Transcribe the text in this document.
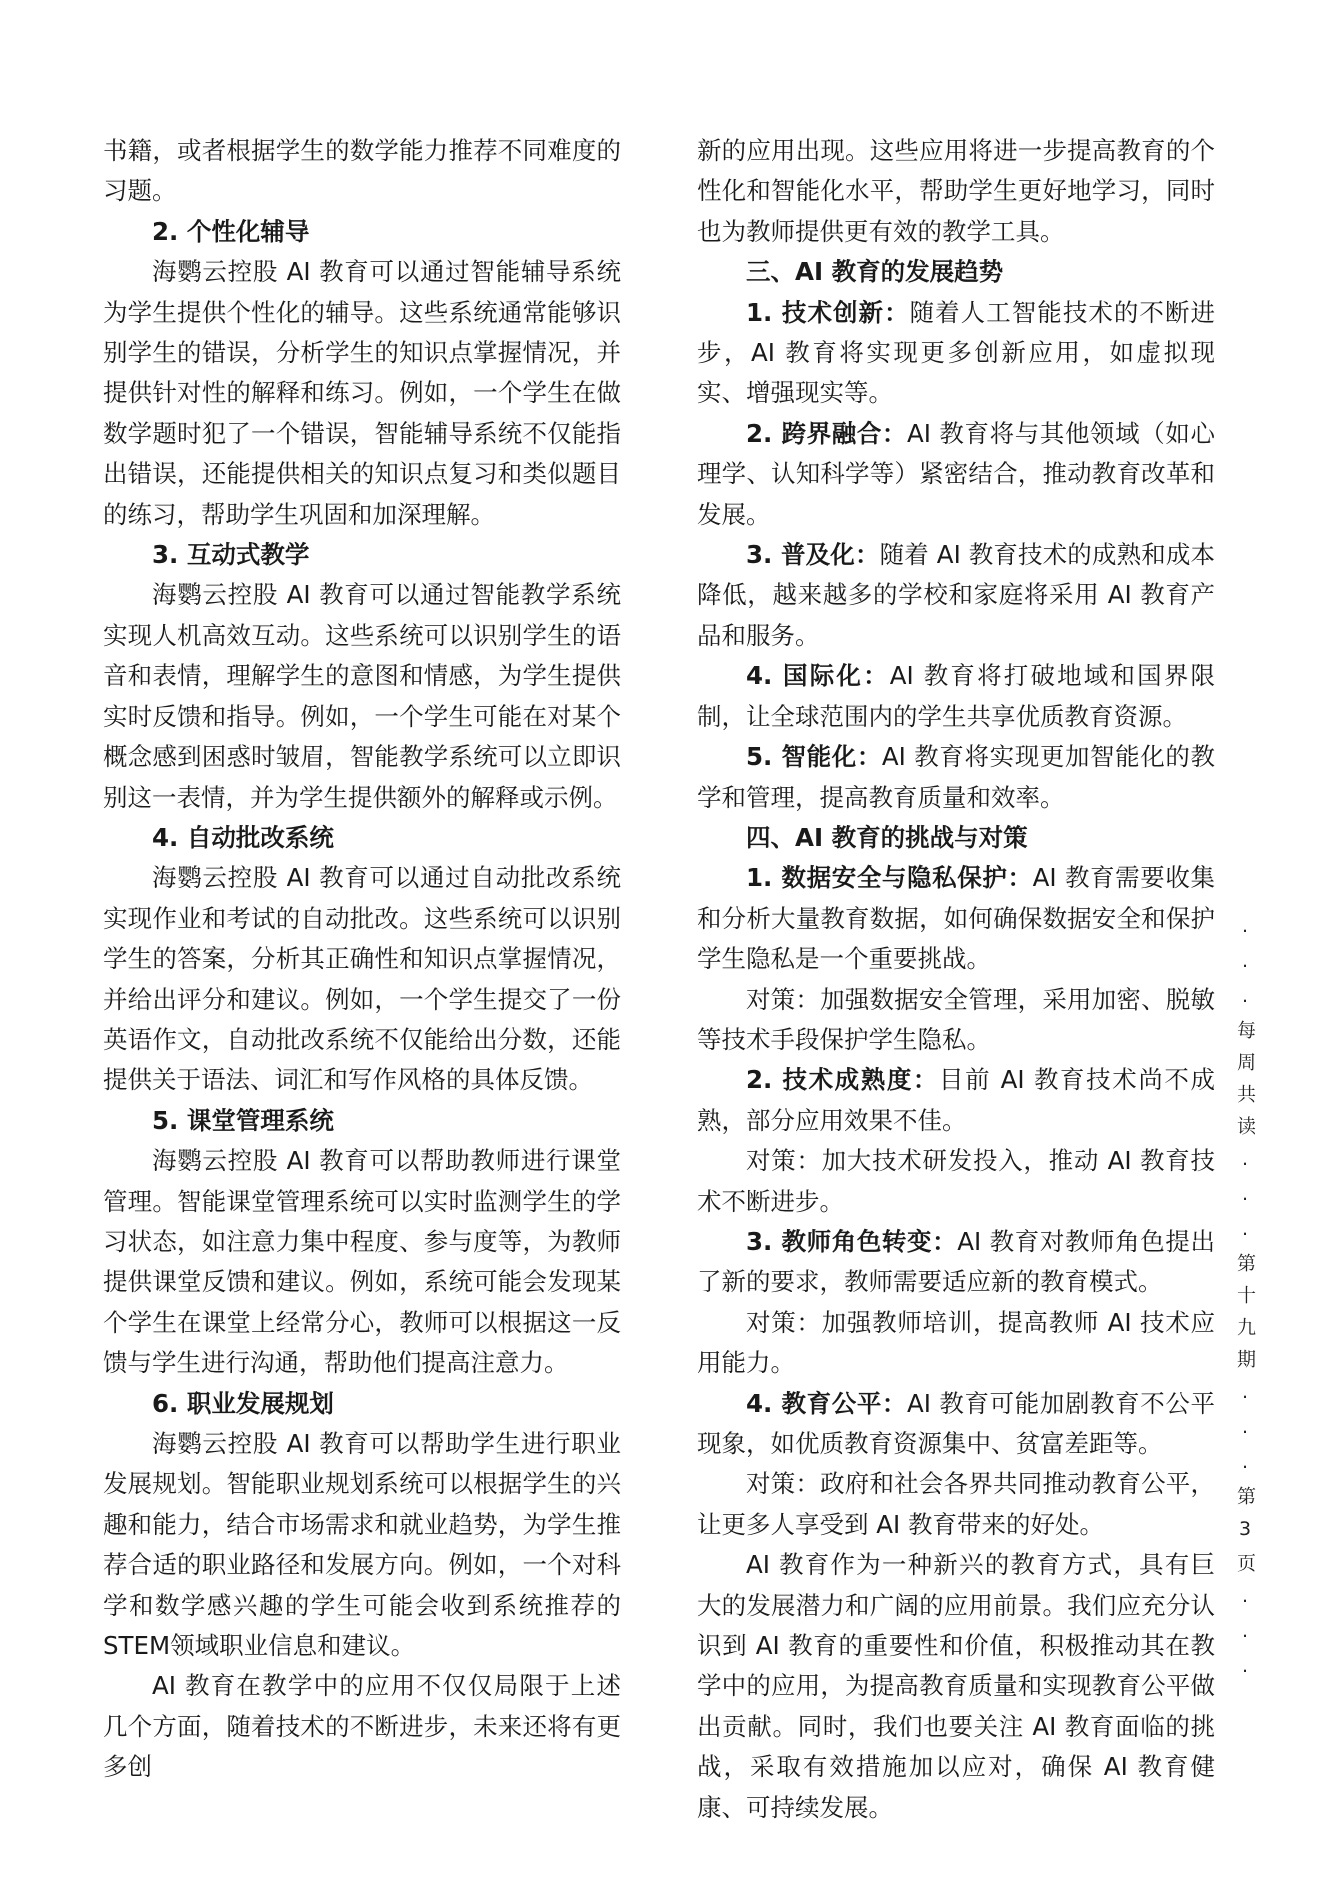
书籍，或者根据学生的数学能力推荐不同难度的习题。

2. 个性化辅导

海鹦云控股 AI 教育可以通过智能辅导系统为学生提供个性化的辅导。这些系统通常能够识别学生的错误，分析学生的知识点掌握情况，并提供针对性的解释和练习。例如，一个学生在做数学题时犯了一个错误，智能辅导系统不仅能指出错误，还能提供相关的知识点复习和类似题目的练习，帮助学生巩固和加深理解。

3. 互动式教学

海鹦云控股 AI 教育可以通过智能教学系统实现人机高效互动。这些系统可以识别学生的语音和表情，理解学生的意图和情感，为学生提供实时反馈和指导。例如，一个学生可能在对某个概念感到困惑时皱眉，智能教学系统可以立即识别这一表情，并为学生提供额外的解释或示例。

4. 自动批改系统

海鹦云控股 AI 教育可以通过自动批改系统实现作业和考试的自动批改。这些系统可以识别学生的答案，分析其正确性和知识点掌握情况，并给出评分和建议。例如，一个学生提交了一份英语作文，自动批改系统不仅能给出分数，还能提供关于语法、词汇和写作风格的具体反馈。

5. 课堂管理系统

海鹦云控股 AI 教育可以帮助教师进行课堂管理。智能课堂管理系统可以实时监测学生的学习状态，如注意力集中程度、参与度等，为教师提供课堂反馈和建议。例如，系统可能会发现某个学生在课堂上经常分心，教师可以根据这一反馈与学生进行沟通，帮助他们提高注意力。

6. 职业发展规划

海鹦云控股 AI 教育可以帮助学生进行职业发展规划。智能职业规划系统可以根据学生的兴趣和能力，结合市场需求和就业趋势，为学生推荐合适的职业路径和发展方向。例如，一个对科学和数学感兴趣的学生可能会收到系统推荐的 STEM领域职业信息和建议。

AI 教育在教学中的应用不仅仅局限于上述几个方面，随着技术的不断进步，未来还将有更多创

新的应用出现。这些应用将进一步提高教育的个性化和智能化水平，帮助学生更好地学习，同时也为教师提供更有效的教学工具。

三、AI 教育的发展趋势

1. 技术创新：随着人工智能技术的不断进步，AI 教育将实现更多创新应用，如虚拟现实、增强现实等。

2. 跨界融合：AI 教育将与其他领域（如心理学、认知科学等）紧密结合，推动教育改革和发展。

3. 普及化：随着 AI 教育技术的成熟和成本降低，越来越多的学校和家庭将采用 AI 教育产品和服务。

4. 国际化：AI 教育将打破地域和国界限制，让全球范围内的学生共享优质教育资源。

5. 智能化：AI 教育将实现更加智能化的教学和管理，提高教育质量和效率。

四、AI 教育的挑战与对策

1. 数据安全与隐私保护：AI 教育需要收集和分析大量教育数据，如何确保数据安全和保护学生隐私是一个重要挑战。

对策：加强数据安全管理，采用加密、脱敏等技术手段保护学生隐私。

2. 技术成熟度：目前 AI 教育技术尚不成熟，部分应用效果不佳。

对策：加大技术研发投入，推动 AI 教育技术不断进步。

3. 教师角色转变：AI 教育对教师角色提出了新的要求，教师需要适应新的教育模式。

对策：加强教师培训，提高教师 AI 技术应用能力。

4. 教育公平：AI 教育可能加剧教育不公平现象，如优质教育资源集中、贫富差距等。

对策：政府和社会各界共同推动教育公平，让更多人享受到 AI 教育带来的好处。

AI 教育作为一种新兴的教育方式，具有巨大的发展潜力和广阔的应用前景。我们应充分认识到 AI 教育的重要性和价值，积极推动其在教学中的应用，为提高教育质量和实现教育公平做出贡献。同时，我们也要关注 AI 教育面临的挑战，采取有效措施加以应对，确保 AI 教育健康、可持续发展。

...每周共读...第十九期...第3页...
